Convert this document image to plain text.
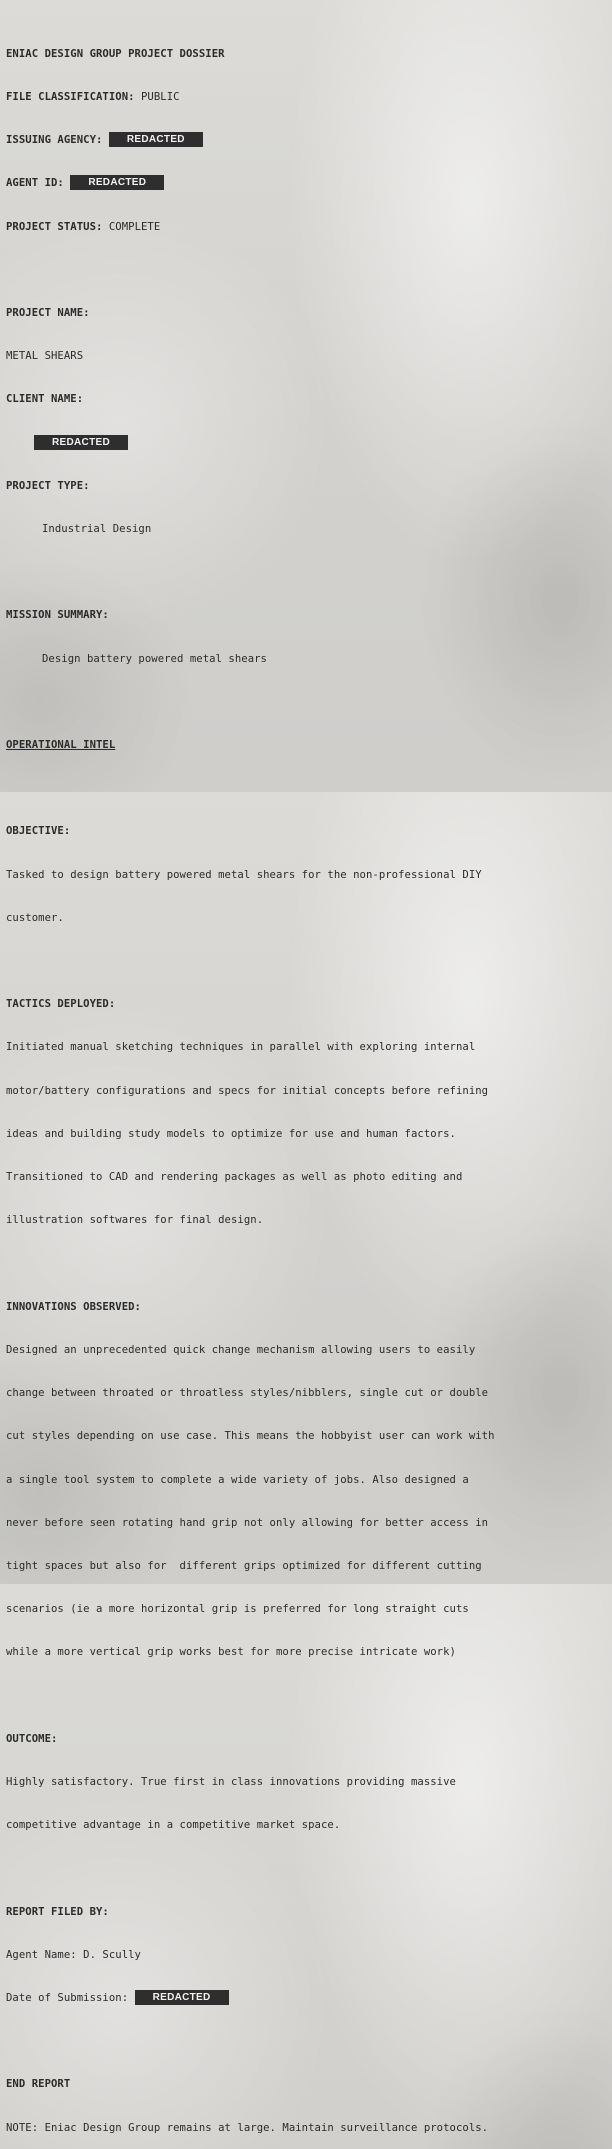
ENIAC DESIGN GROUP PROJECT DOSSIER

FILE CLASSIFICATION: PUBLIC

ISSUING AGENCY: REDACTED

AGENT ID: REDACTED

PROJECT STATUS: COMPLETE

PROJECT NAME:

METAL SHEARS

CLIENT NAME:

REDACTED

PROJECT TYPE:

Industrial Design

MISSION SUMMARY:

Design battery powered metal shears

OPERATIONAL INTEL

OBJECTIVE:

Tasked to design battery powered metal shears for the non-professional DIY

customer.

TACTICS DEPLOYED:

Initiated manual sketching techniques in parallel with exploring internal

motor/battery configurations and specs for initial concepts before refining

ideas and building study models to optimize for use and human factors.

Transitioned to CAD and rendering packages as well as photo editing and

illustration softwares for final design.

INNOVATIONS OBSERVED:

Designed an unprecedented quick change mechanism allowing users to easily

change between throated or throatless styles/nibblers, single cut or double

cut styles depending on use case. This means the hobbyist user can work with

a single tool system to complete a wide variety of jobs. Also designed a

never before seen rotating hand grip not only allowing for better access in

tight spaces but also for  different grips optimized for different cutting

scenarios (ie a more horizontal grip is preferred for long straight cuts

while a more vertical grip works best for more precise intricate work)

OUTCOME:

Highly satisfactory. True first in class innovations providing massive

competitive advantage in a competitive market space.

REPORT FILED BY:

Agent Name: D. Scully

Date of Submission: REDACTED

END REPORT

NOTE: Eniac Design Group remains at large. Maintain surveillance protocols.
